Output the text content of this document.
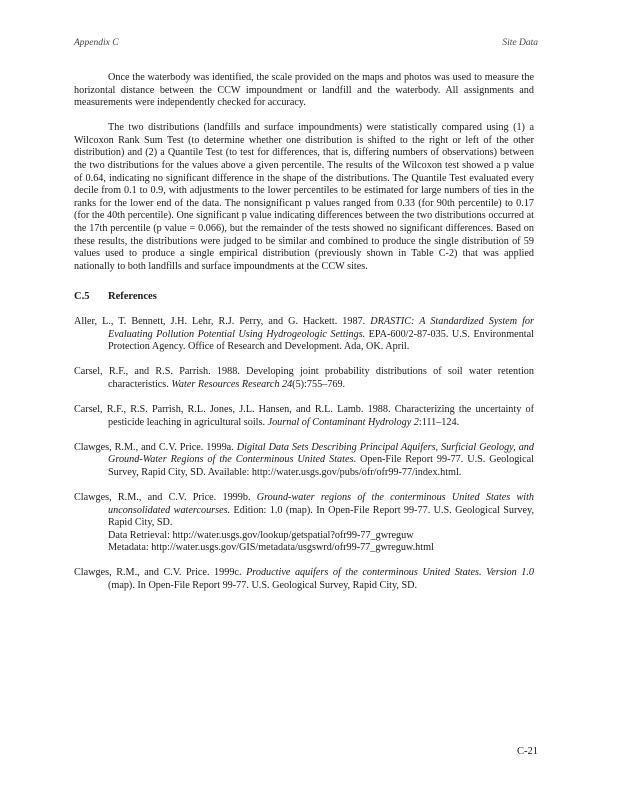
Appendix C	Site Data

Once the waterbody was identified, the scale provided on the maps and photos was used to measure the horizontal distance between the CCW impoundment or landfill and the waterbody. All assignments and measurements were independently checked for accuracy.

The two distributions (landfills and surface impoundments) were statistically compared using (1) a Wilcoxon Rank Sum Test (to determine whether one distribution is shifted to the right or left of the other distribution) and (2) a Quantile Test (to test for differences, that is, differing numbers of observations) between the two distributions for the values above a given percentile. The results of the Wilcoxon test showed a p value of 0.64, indicating no significant difference in the shape of the distributions. The Quantile Test evaluated every decile from 0.1 to 0.9, with adjustments to the lower percentiles to be estimated for large numbers of ties in the ranks for the lower end of the data. The nonsignificant p values ranged from 0.33 (for 90th percentile) to 0.17 (for the 40th percentile). One significant p value indicating differences between the two distributions occurred at the 17th percentile (p value = 0.066), but the remainder of the tests showed no significant differences. Based on these results, the distributions were judged to be similar and combined to produce the single distribution of 59 values used to produce a single empirical distribution (previously shown in Table C-2) that was applied nationally to both landfills and surface impoundments at the CCW sites.

C.5 References

Aller, L., T. Bennett, J.H. Lehr, R.J. Perry, and G. Hackett. 1987. DRASTIC: A Standardized System for Evaluating Pollution Potential Using Hydrogeologic Settings. EPA-600/2-87-035. U.S. Environmental Protection Agency. Office of Research and Development. Ada, OK. April.

Carsel, R.F., and R.S. Parrish. 1988. Developing joint probability distributions of soil water retention characteristics. Water Resources Research 24(5):755–769.

Carsel, R.F., R.S. Parrish, R.L. Jones, J.L. Hansen, and R.L. Lamb. 1988. Characterizing the uncertainty of pesticide leaching in agricultural soils. Journal of Contaminant Hydrology 2:111–124.

Clawges, R.M., and C.V. Price. 1999a. Digital Data Sets Describing Principal Aquifers, Surficial Geology, and Ground-Water Regions of the Conterminous United States. Open-File Report 99-77. U.S. Geological Survey, Rapid City, SD. Available: http://water.usgs.gov/pubs/ofr/ofr99-77/index.html.

Clawges, R.M., and C.V. Price. 1999b. Ground-water regions of the conterminous United States with unconsolidated watercourses. Edition: 1.0 (map). In Open-File Report 99-77. U.S. Geological Survey, Rapid City, SD.
Data Retrieval: http://water.usgs.gov/lookup/getspatial?ofr99-77_gwreguw
Metadata: http://water.usgs.gov/GIS/metadata/usgswrd/ofr99-77_gwreguw.html

Clawges, R.M., and C.V. Price. 1999c. Productive aquifers of the conterminous United States. Version 1.0 (map). In Open-File Report 99-77. U.S. Geological Survey, Rapid City, SD.

C-21
